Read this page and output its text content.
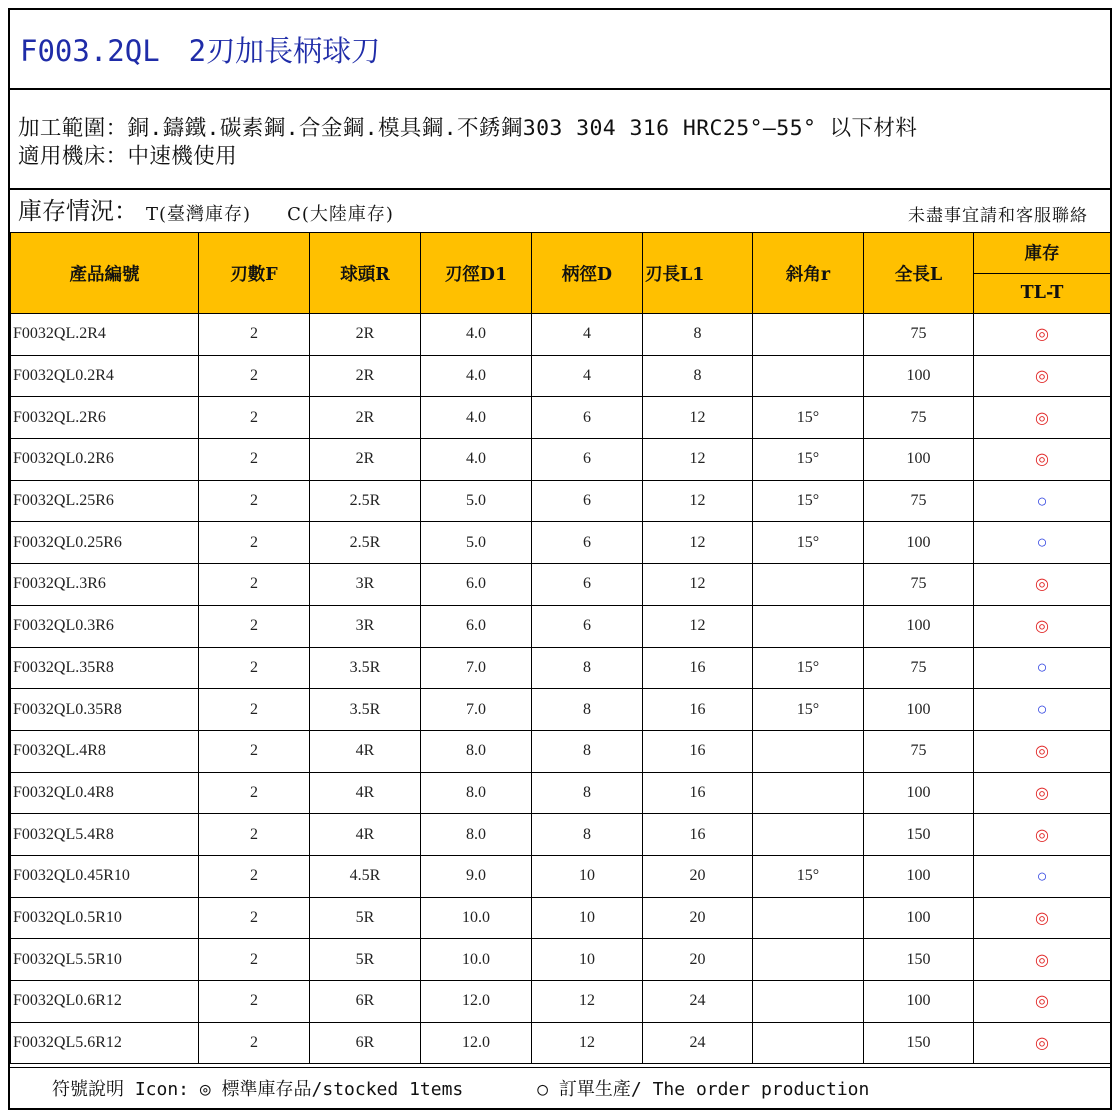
F003.2QL　2刃加長柄球刀
加工範圍：銅.鑄鐵.碳素鋼.合金鋼.模具鋼.不銹鋼303 304 316 HRC25°—55° 以下材料
適用機床：中速機使用
庫存情況： T(臺灣庫存) C(大陸庫存)	未盡事宜請和客服聯絡
產品編號	刃數F	球頭R	刃徑D1	柄徑D	刃長L1	斜角r	全長L	庫存
								TL-T
F0032QL.2R4	2	2R	4.0	4	8		75	◎
F0032QL0.2R4	2	2R	4.0	4	8		100	◎
F0032QL.2R6	2	2R	4.0	6	12	15°	75	◎
F0032QL0.2R6	2	2R	4.0	6	12	15°	100	◎
F0032QL.25R6	2	2.5R	5.0	6	12	15°	75	○
F0032QL0.25R6	2	2.5R	5.0	6	12	15°	100	○
F0032QL.3R6	2	3R	6.0	6	12		75	◎
F0032QL0.3R6	2	3R	6.0	6	12		100	◎
F0032QL.35R8	2	3.5R	7.0	8	16	15°	75	○
F0032QL0.35R8	2	3.5R	7.0	8	16	15°	100	○
F0032QL.4R8	2	4R	8.0	8	16		75	◎
F0032QL0.4R8	2	4R	8.0	8	16		100	◎
F0032QL5.4R8	2	4R	8.0	8	16		150	◎
F0032QL0.45R10	2	4.5R	9.0	10	20	15°	100	○
F0032QL0.5R10	2	5R	10.0	10	20		100	◎
F0032QL5.5R10	2	5R	10.0	10	20		150	◎
F0032QL0.6R12	2	6R	12.0	12	24		100	◎
F0032QL5.6R12	2	6R	12.0	12	24		150	◎
符號說明 Icon: ◎ 標準庫存品/stocked 1tems	○ 訂單生產/ The order production
